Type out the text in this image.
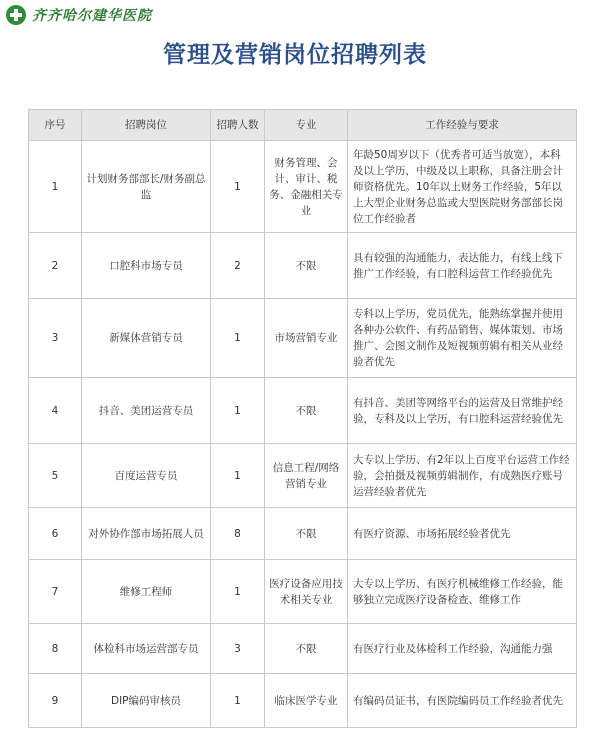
齐齐哈尔建华医院
管理及营销岗位招聘列表
序号	招聘岗位	招聘人数	专业	工作经验与要求
1	计划财务部部长/财务副总监	1	财务管理、会计、审计、税务、金融相关专业	年龄50周岁以下（优秀者可适当放宽），本科及以上学历，中级及以上职称，具备注册会计师资格优先。10年以上财务工作经验，5年以上大型企业财务总监或大型医院财务部部长岗位工作经验者
2	口腔科市场专员	2	不限	具有较强的沟通能力，表达能力，有线上线下推广工作经验，有口腔科运营工作经验优先
3	新媒体营销专员	1	市场营销专业	专科以上学历，党员优先，能熟练掌握并使用各种办公软件、有药品销售、媒体策划、市场推广、会图文制作及短视频剪辑有相关从业经验者优先
4	抖音、美团运营专员	1	不限	有抖音、美团等网络平台的运营及日常维护经验，专科及以上学历，有口腔科运营经验优先
5	百度运营专员	1	信息工程/网络营销专业	大专以上学历、有2年以上百度平台运营工作经验，会拍摄及视频剪辑制作，有成熟医疗账号运营经验者优先
6	对外协作部市场拓展人员	8	不限	有医疗资源、市场拓展经验者优先
7	维修工程师	1	医疗设备应用技术相关专业	大专以上学历、有医疗机械维修工作经验，能够独立完成医疗设备检查、维修工作
8	体检科市场运营部专员	3	不限	有医疗行业及体检科工作经验，沟通能力强
9	DIP编码审核员	1	临床医学专业	有编码员证书，有医院编码员工作经验者优先
